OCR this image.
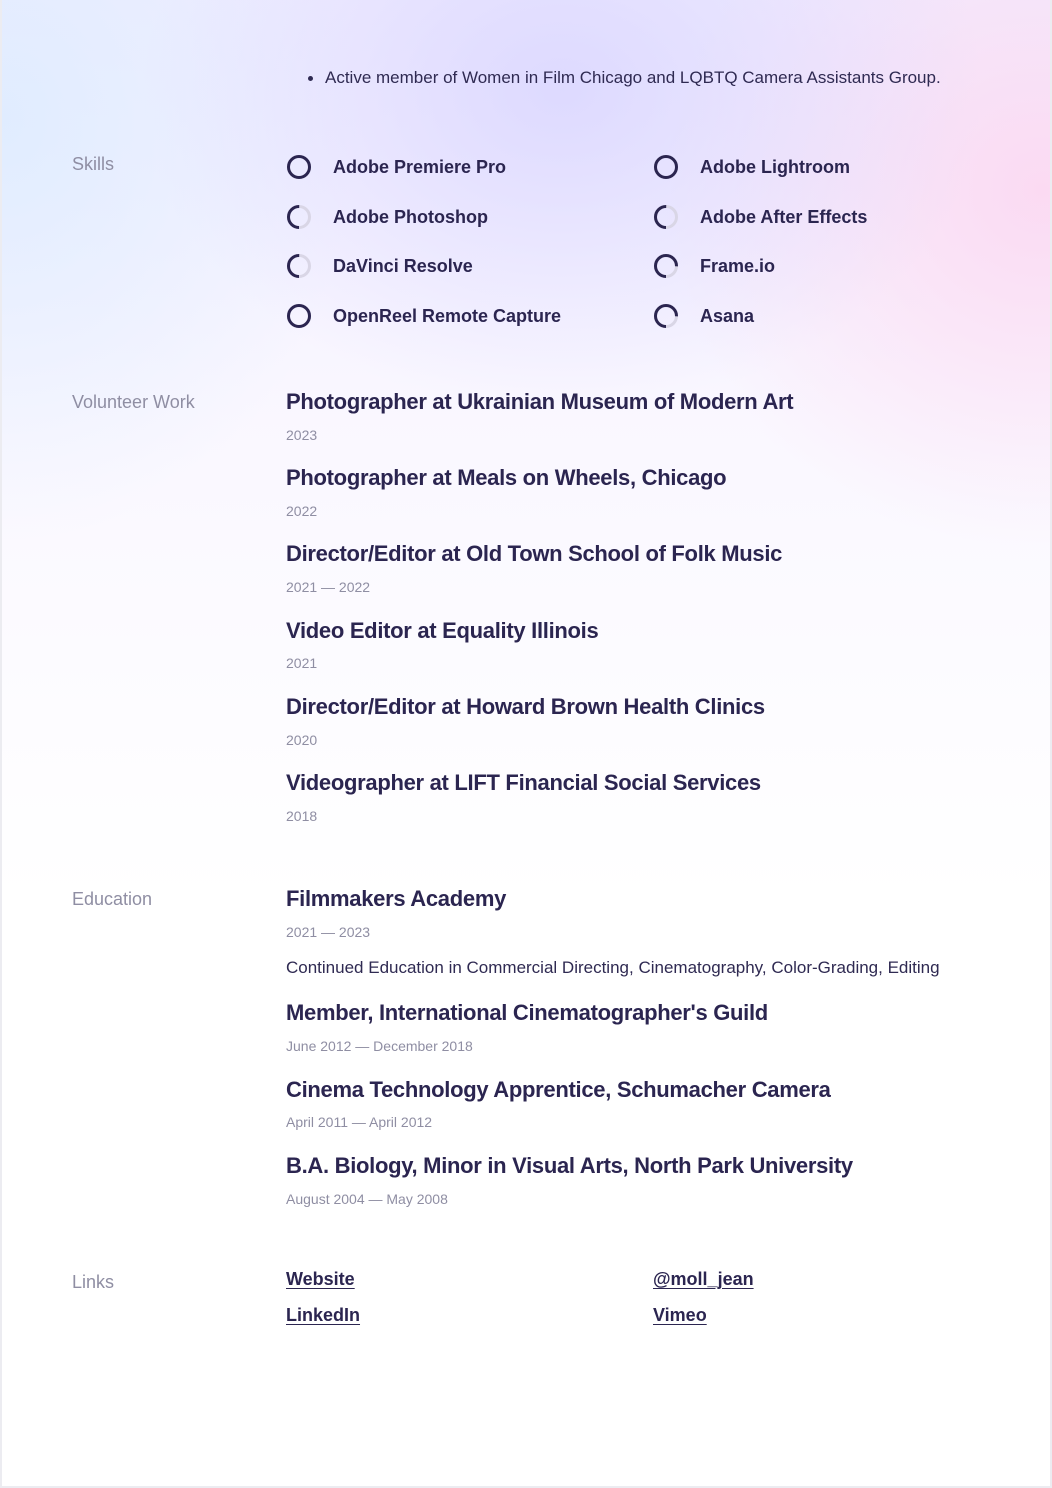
Active member of Women in Film Chicago and LQBTQ Camera Assistants Group.
Skills	Adobe Premiere Pro	Adobe Lightroom
Adobe Photoshop	Adobe After Effects
DaVinci Resolve	Frame.io
OpenReel Remote Capture	Asana
Volunteer Work	Photographer at Ukrainian Museum of Modern Art
2023
Photographer at Meals on Wheels, Chicago
2022
Director/Editor at Old Town School of Folk Music
2021 — 2022
Video Editor at Equality Illinois
2021
Director/Editor at Howard Brown Health Clinics
2020
Videographer at LIFT Financial Social Services
2018
Education	Filmmakers Academy
2021 — 2023
Continued Education in Commercial Directing, Cinematography, Color-Grading, Editing
Member, International Cinematographer's Guild
June 2012 — December 2018
Cinema Technology Apprentice, Schumacher Camera
April 2011 — April 2012
B.A. Biology, Minor in Visual Arts, North Park University
August 2004 — May 2008
Links	Website	@moll_jean
LinkedIn	Vimeo
